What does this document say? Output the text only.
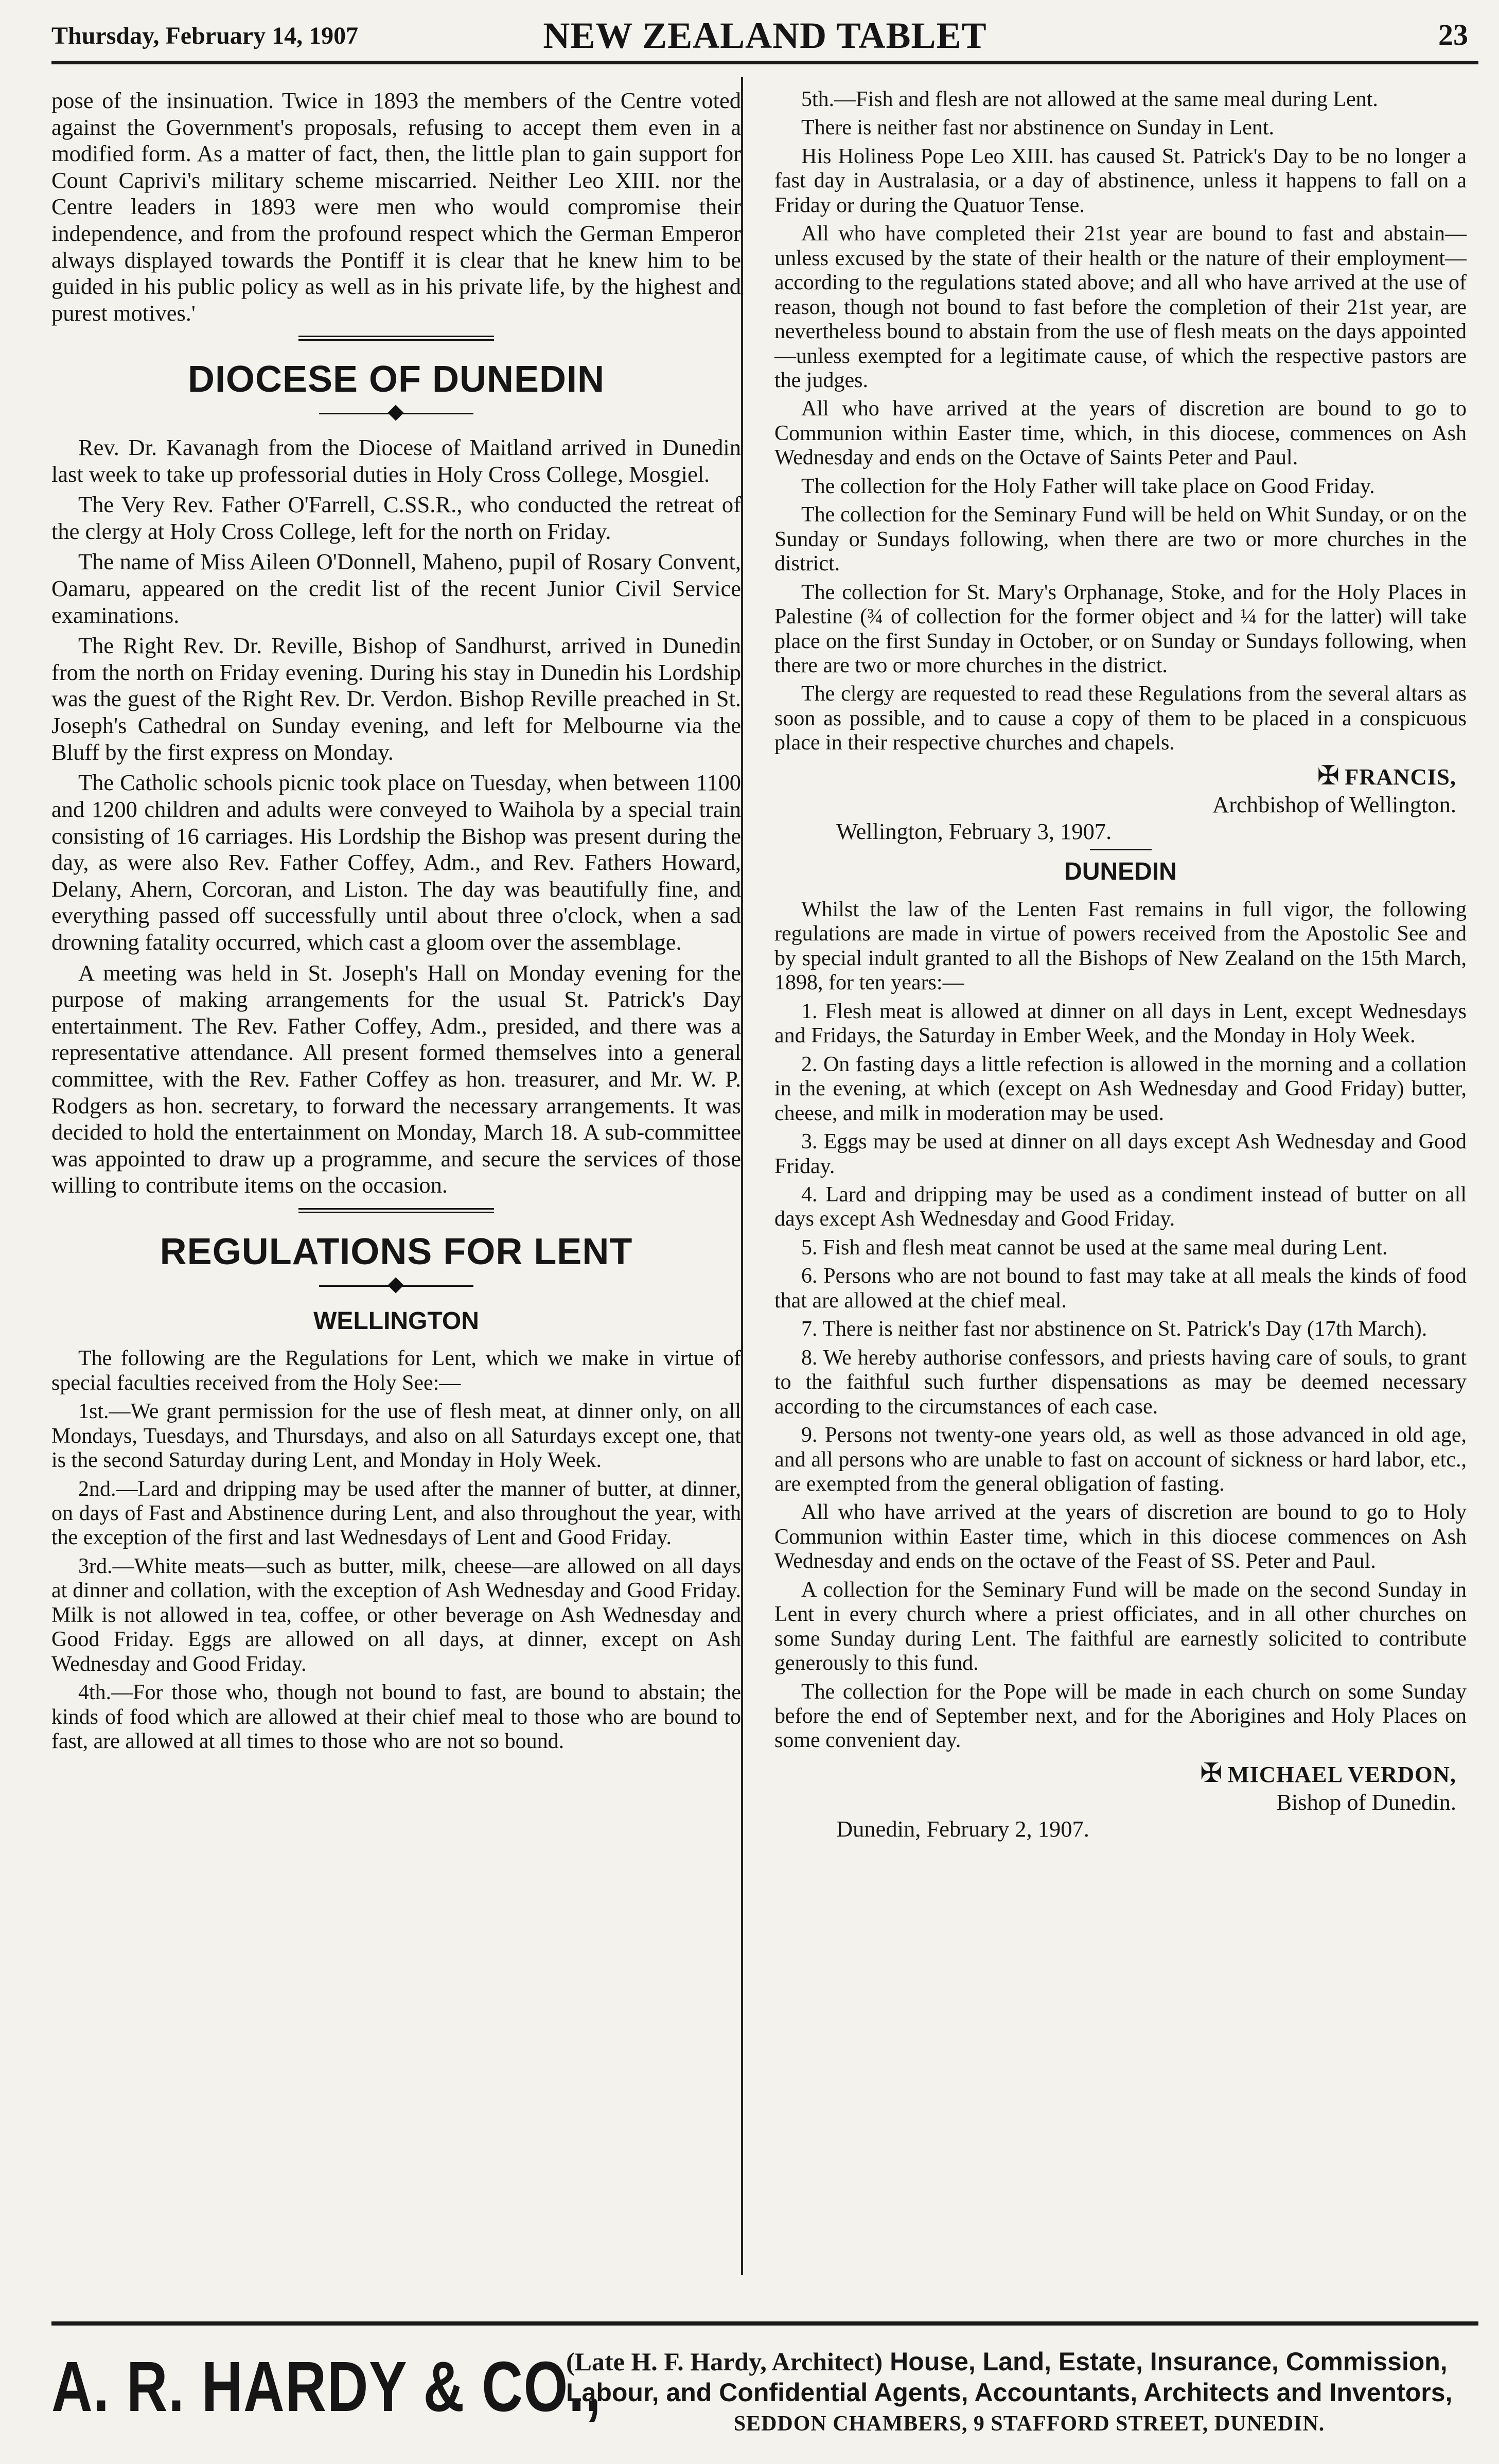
Thursday, February 14, 1907	NEW ZEALAND TABLET	23

pose of the insinuation. Twice in 1893 the members of the Centre voted against the Government's proposals, refusing to accept them even in a modified form. As a matter of fact, then, the little plan to gain support for Count Caprivi's military scheme miscarried. Neither Leo XIII. nor the Centre leaders in 1893 were men who would compromise their independence, and from the profound respect which the German Emperor always displayed towards the Pontiff it is clear that he knew him to be guided in his public policy as well as in his private life, by the highest and purest motives.'

DIOCESE OF DUNEDIN

Rev. Dr. Kavanagh from the Diocese of Maitland arrived in Dunedin last week to take up professorial duties in Holy Cross College, Mosgiel.

The Very Rev. Father O'Farrell, C.SS.R., who conducted the retreat of the clergy at Holy Cross College, left for the north on Friday.

The name of Miss Aileen O'Donnell, Maheno, pupil of Rosary Convent, Oamaru, appeared on the credit list of the recent Junior Civil Service examinations.

The Right Rev. Dr. Reville, Bishop of Sandhurst, arrived in Dunedin from the north on Friday evening. During his stay in Dunedin his Lordship was the guest of the Right Rev. Dr. Verdon. Bishop Reville preached in St. Joseph's Cathedral on Sunday evening, and left for Melbourne via the Bluff by the first express on Monday.

The Catholic schools picnic took place on Tuesday, when between 1100 and 1200 children and adults were conveyed to Waihola by a special train consisting of 16 carriages. His Lordship the Bishop was present during the day, as were also Rev. Father Coffey, Adm., and Rev. Fathers Howard, Delany, Ahern, Corcoran, and Liston. The day was beautifully fine, and everything passed off successfully until about three o'clock, when a sad drowning fatality occurred, which cast a gloom over the assemblage.

A meeting was held in St. Joseph's Hall on Monday evening for the purpose of making arrangements for the usual St. Patrick's Day entertainment. The Rev. Father Coffey, Adm., presided, and there was a representative attendance. All present formed themselves into a general committee, with the Rev. Father Coffey as hon. treasurer, and Mr. W. P. Rodgers as hon. secretary, to forward the necessary arrangements. It was decided to hold the entertainment on Monday, March 18. A sub-committee was appointed to draw up a programme, and secure the services of those willing to contribute items on the occasion.

REGULATIONS FOR LENT
WELLINGTON

The following are the Regulations for Lent, which we make in virtue of special faculties received from the Holy See:—

1st.—We grant permission for the use of flesh meat, at dinner only, on all Mondays, Tuesdays, and Thursdays, and also on all Saturdays except one, that is the second Saturday during Lent, and Monday in Holy Week.

2nd.—Lard and dripping may be used after the manner of butter, at dinner, on days of Fast and Abstinence during Lent, and also throughout the year, with the exception of the first and last Wednesdays of Lent and Good Friday.

3rd.—White meats—such as butter, milk, cheese—are allowed on all days at dinner and collation, with the exception of Ash Wednesday and Good Friday. Milk is not allowed in tea, coffee, or other beverage on Ash Wednesday and Good Friday. Eggs are allowed on all days, at dinner, except on Ash Wednesday and Good Friday.

4th.—For those who, though not bound to fast, are bound to abstain; the kinds of food which are allowed at their chief meal to those who are bound to fast, are allowed at all times to those who are not so bound.

5th.—Fish and flesh are not allowed at the same meal during Lent.

There is neither fast nor abstinence on Sunday in Lent.

His Holiness Pope Leo XIII. has caused St. Patrick's Day to be no longer a fast day in Australasia, or a day of abstinence, unless it happens to fall on a Friday or during the Quatuor Tense.

All who have completed their 21st year are bound to fast and abstain—unless excused by the state of their health or the nature of their employment—according to the regulations stated above; and all who have arrived at the use of reason, though not bound to fast before the completion of their 21st year, are nevertheless bound to abstain from the use of flesh meats on the days appointed—unless exempted for a legitimate cause, of which the respective pastors are the judges.

All who have arrived at the years of discretion are bound to go to Communion within Easter time, which, in this diocese, commences on Ash Wednesday and ends on the Octave of Saints Peter and Paul.

The collection for the Holy Father will take place on Good Friday.

The collection for the Seminary Fund will be held on Whit Sunday, or on the Sunday or Sundays following, when there are two or more churches in the district.

The collection for St. Mary's Orphanage, Stoke, and for the Holy Places in Palestine (¾ of collection for the former object and ¼ for the latter) will take place on the first Sunday in October, or on Sunday or Sundays following, when there are two or more churches in the district.

The clergy are requested to read these Regulations from the several altars as soon as possible, and to cause a copy of them to be placed in a conspicuous place in their respective churches and chapels.

✠ FRANCIS,
Archbishop of Wellington.

Wellington, February 3, 1907.

DUNEDIN

Whilst the law of the Lenten Fast remains in full vigor, the following regulations are made in virtue of powers received from the Apostolic See and by special indult granted to all the Bishops of New Zealand on the 15th March, 1898, for ten years:—

1. Flesh meat is allowed at dinner on all days in Lent, except Wednesdays and Fridays, the Saturday in Ember Week, and the Monday in Holy Week.

2. On fasting days a little refection is allowed in the morning and a collation in the evening, at which (except on Ash Wednesday and Good Friday) butter, cheese, and milk in moderation may be used.

3. Eggs may be used at dinner on all days except Ash Wednesday and Good Friday.

4. Lard and dripping may be used as a condiment instead of butter on all days except Ash Wednesday and Good Friday.

5. Fish and flesh meat cannot be used at the same meal during Lent.

6. Persons who are not bound to fast may take at all meals the kinds of food that are allowed at the chief meal.

7. There is neither fast nor abstinence on St. Patrick's Day (17th March).

8. We hereby authorise confessors, and priests having care of souls, to grant to the faithful such further dispensations as may be deemed necessary according to the circumstances of each case.

9. Persons not twenty-one years old, as well as those advanced in old age, and all persons who are unable to fast on account of sickness or hard labor, etc., are exempted from the general obligation of fasting.

All who have arrived at the years of discretion are bound to go to Holy Communion within Easter time, which in this diocese commences on Ash Wednesday and ends on the octave of the Feast of SS. Peter and Paul.

A collection for the Seminary Fund will be made on the second Sunday in Lent in every church where a priest officiates, and in all other churches on some Sunday during Lent. The faithful are earnestly solicited to contribute generously to this fund.

The collection for the Pope will be made in each church on some Sunday before the end of September next, and for the Aborigines and Holy Places on some convenient day.

✠ MICHAEL VERDON,
Bishop of Dunedin.

Dunedin, February 2, 1907.

A. R. HARDY & CO.,
(Late H. F. Hardy, Architect) House, Land, Estate, Insurance, Commission, Labour, and Confidential Agents, Accountants, Architects and Inventors,
SEDDON CHAMBERS, 9 STAFFORD STREET, DUNEDIN.
